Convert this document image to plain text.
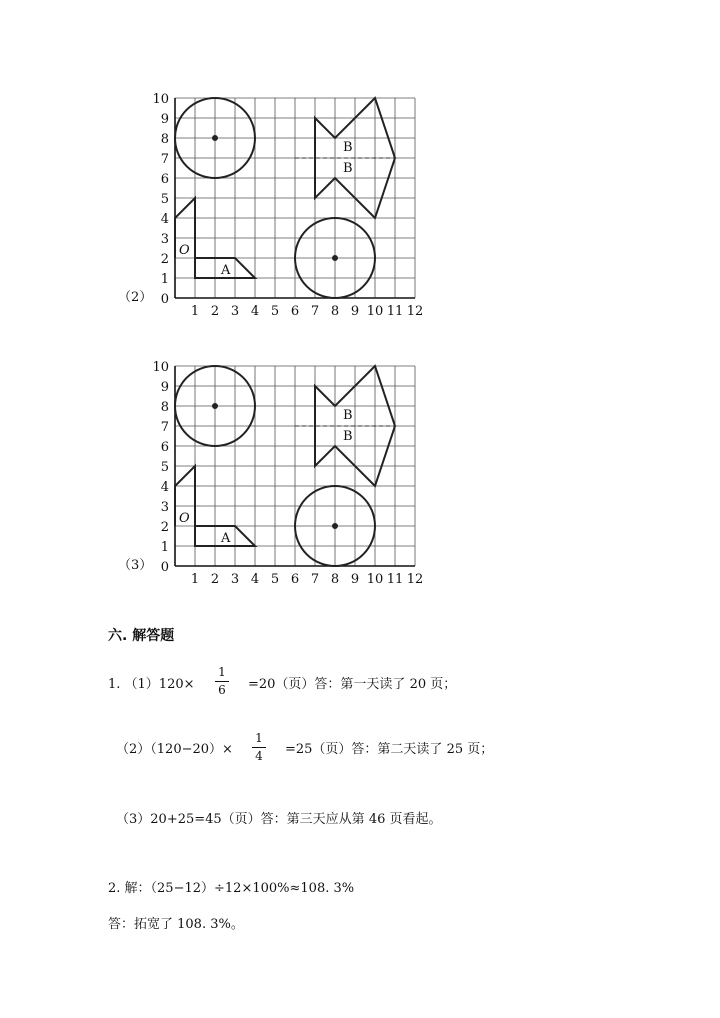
1 2 3 4 5 6 7 8 9 10 11 12
0
1
2
3
4
5
6
7
8
9
10
O
A
B
B
（2）
1 2 3 4 5 6 7 8 9 10 11 12
0
1
2
3
4
5
6
7
8
9
10
O
A
B
B
（3）
六. 解答题
1. （1）120×
1
6 =20（页）答：第一天读了 20 页；
（2）（120−20）×
1
4 =25（页）答：第二天读了 25 页；
（3）20+25=45（页）答：第三天应从第 46 页看起。
2. 解：（25−12）÷12×100%≈108. 3%
答：拓宽了 108. 3%。
